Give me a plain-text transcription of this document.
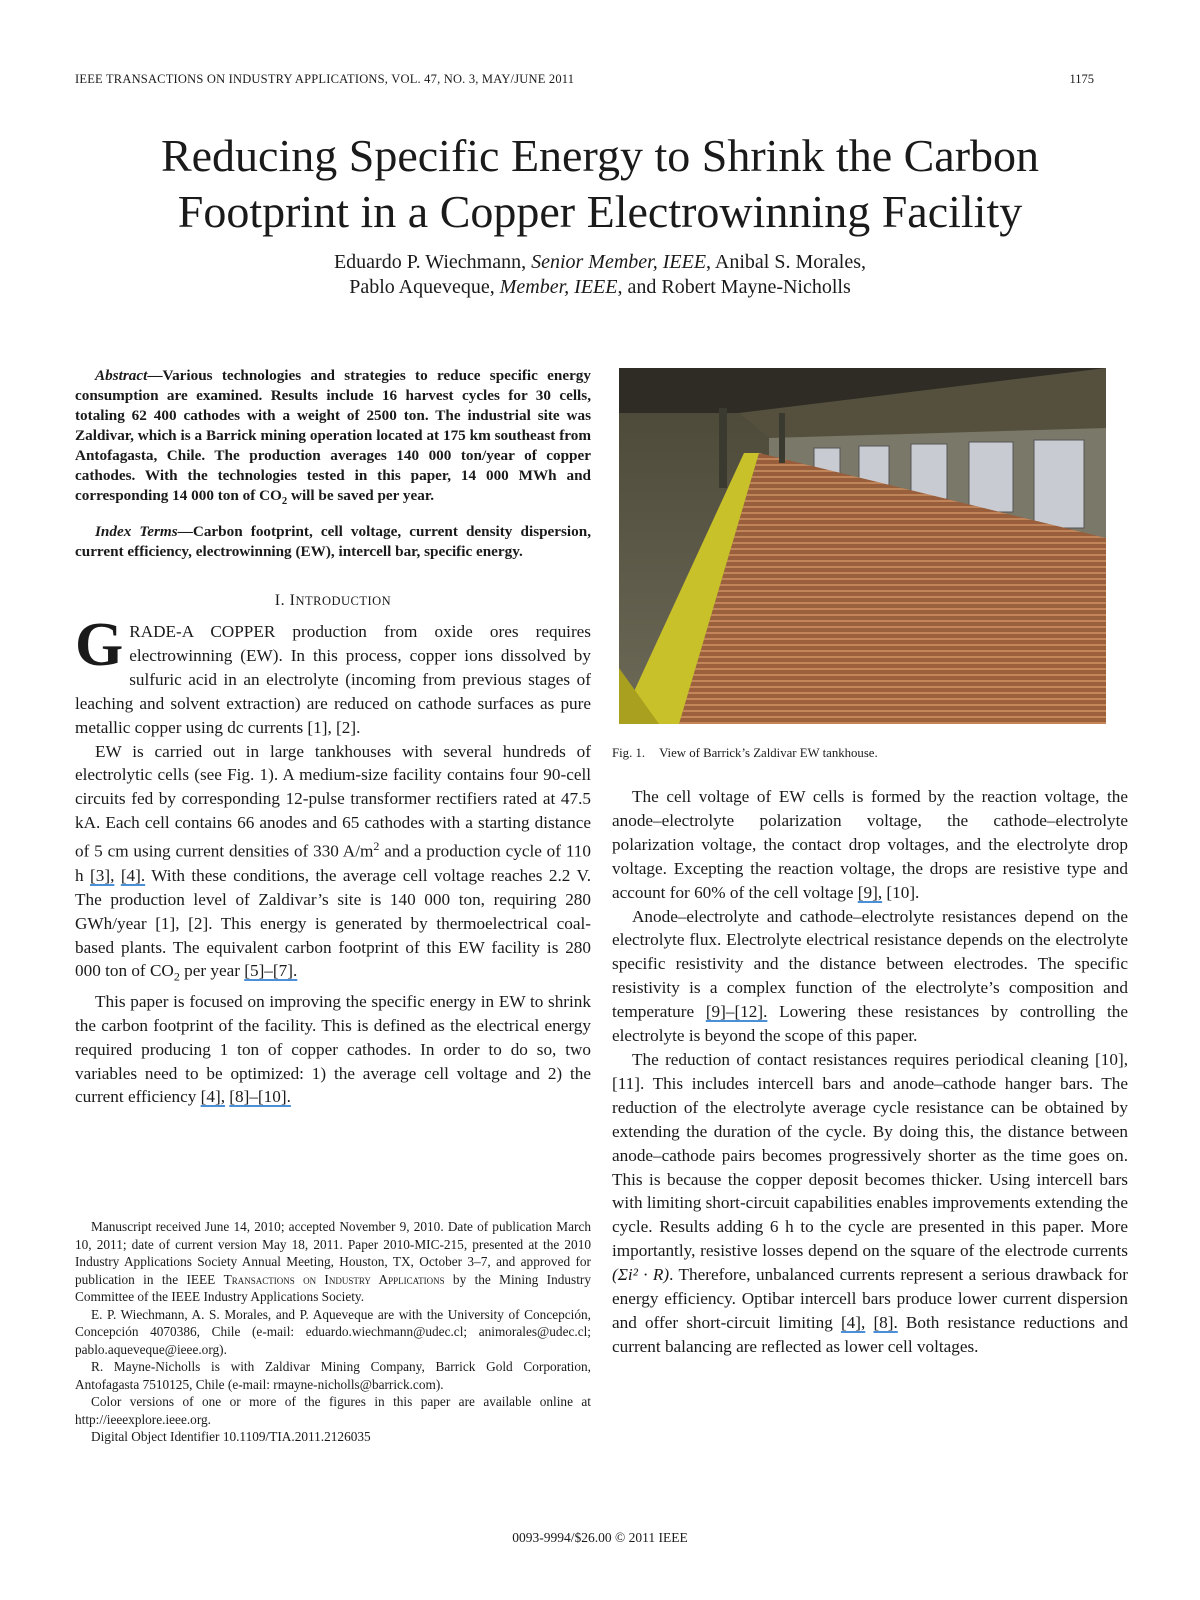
IEEE TRANSACTIONS ON INDUSTRY APPLICATIONS, VOL. 47, NO. 3, MAY/JUNE 2011	1175
Reducing Specific Energy to Shrink the Carbon
Footprint in a Copper Electrowinning Facility
Eduardo P. Wiechmann, Senior Member, IEEE, Anibal S. Morales,
Pablo Aqueveque, Member, IEEE, and Robert Mayne-Nicholls

Abstract—Various technologies and strategies to reduce specific energy consumption are examined. Results include 16 harvest cycles for 30 cells, totaling 62 400 cathodes with a weight of 2500 ton. The industrial site was Zaldivar, which is a Barrick mining operation located at 175 km southeast from Antofagasta, Chile. The production averages 140 000 ton/year of copper cathodes. With the technologies tested in this paper, 14 000 MWh and corresponding 14 000 ton of $CO_2$ will be saved per year.

Index Terms—Carbon footprint, cell voltage, current density dispersion, current efficiency, electrowinning (EW), intercell bar, specific energy.

I. INTRODUCTION

GRADE-A COPPER production from oxide ores requires electrowinning (EW). In this process, copper ions dissolved by sulfuric acid in an electrolyte (incoming from previous stages of leaching and solvent extraction) are reduced on cathode surfaces as pure metallic copper using dc currents [1], [2].

EW is carried out in large tankhouses with several hundreds of electrolytic cells (see Fig. 1). A medium-size facility contains four 90-cell circuits fed by corresponding 12-pulse transformer rectifiers rated at 47.5 kA. Each cell contains 66 anodes and 65 cathodes with a starting distance of 5 cm using current densities of 330 $A/m^2$ and a production cycle of 110 h [3], [4]. With these conditions, the average cell voltage reaches 2.2 V. The production level of Zaldivar’s site is 140 000 ton, requiring 280 GWh/year [1], [2]. This energy is generated by thermoelectrical coal-based plants. The equivalent carbon footprint of this EW facility is 280 000 ton of $CO_2$ per year [5]–[7].

This paper is focused on improving the specific energy in EW to shrink the carbon footprint of the facility. This is defined as the electrical energy required producing 1 ton of copper cathodes. In order to do so, two variables need to be optimized: 1) the average cell voltage and 2) the current efficiency [4], [8]–[10].

Manuscript received June 14, 2010; accepted November 9, 2010. Date of publication March 10, 2011; date of current version May 18, 2011. Paper 2010-MIC-215, presented at the 2010 Industry Applications Society Annual Meeting, Houston, TX, October 3–7, and approved for publication in the IEEE Transactions on Industry Applications by the Mining Industry Committee of the IEEE Industry Applications Society.

E. P. Wiechmann, A. S. Morales, and P. Aqueveque are with the University of Concepción, Concepción 4070386, Chile (e-mail: eduardo.wiechmann@udec.cl; animorales@udec.cl; pablo.aqueveque@ieee.org).

R. Mayne-Nicholls is with Zaldivar Mining Company, Barrick Gold Corporation, Antofagasta 7510125, Chile (e-mail: rmayne-nicholls@barrick.com).

Color versions of one or more of the figures in this paper are available online at http://ieeexplore.ieee.org.

Digital Object Identifier 10.1109/TIA.2011.2126035

Fig. 1. View of Barrick’s Zaldivar EW tankhouse.

The cell voltage of EW cells is formed by the reaction voltage, the anode–electrolyte polarization voltage, the cathode–electrolyte polarization voltage, the contact drop voltages, and the electrolyte drop voltage. Excepting the reaction voltage, the drops are resistive type and account for 60% of the cell voltage [9], [10].

Anode–electrolyte and cathode–electrolyte resistances depend on the electrolyte flux. Electrolyte electrical resistance depends on the electrolyte specific resistivity and the distance between electrodes. The specific resistivity is a complex function of the electrolyte’s composition and temperature [9]–[12]. Lowering these resistances by controlling the electrolyte is beyond the scope of this paper.

The reduction of contact resistances requires periodical cleaning [10], [11]. This includes intercell bars and anode–cathode hanger bars. The reduction of the electrolyte average cycle resistance can be obtained by extending the duration of the cycle. By doing this, the distance between anode–cathode pairs becomes progressively shorter as the time goes on. This is because the copper deposit becomes thicker. Using intercell bars with limiting short-circuit capabilities enables improvements extending the cycle. Results adding 6 h to the cycle are presented in this paper. More importantly, resistive losses depend on the square of the electrode currents (Σi² · R). Therefore, unbalanced currents represent a serious drawback for energy efficiency. Optibar intercell bars produce lower current dispersion and offer short-circuit limiting [4], [8]. Both resistance reductions and current balancing are reflected as lower cell voltages.

0093-9994/$26.00 © 2011 IEEE
